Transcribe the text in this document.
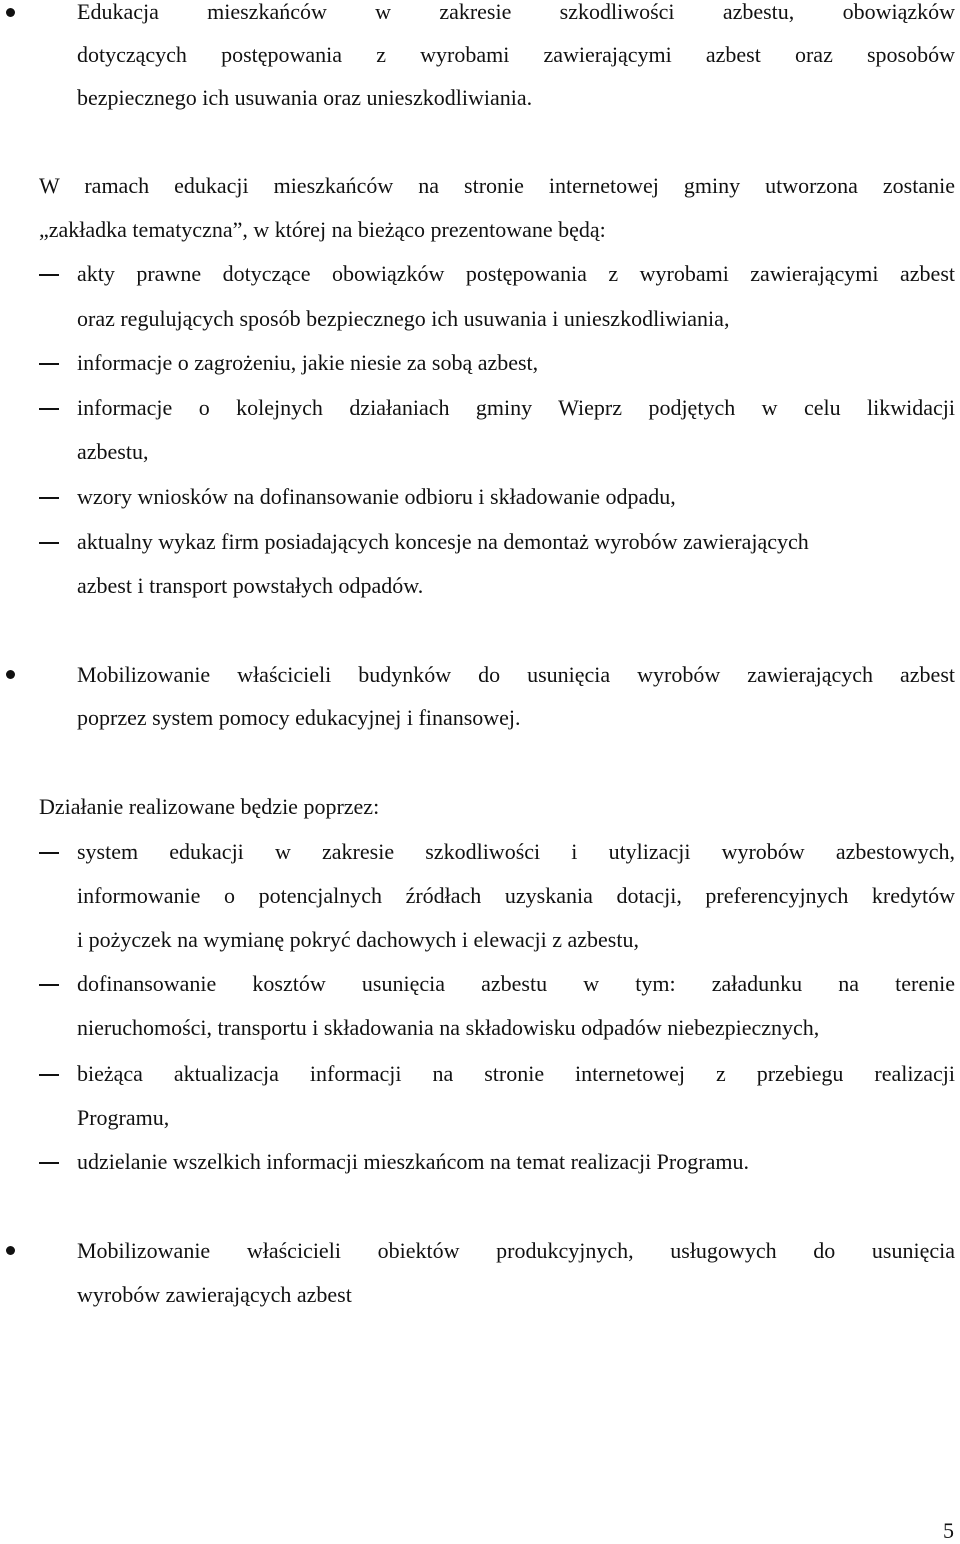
Edukacja mieszkańców w zakresie szkodliwości azbestu, obowiązków
dotyczących postępowania z wyrobami zawierającymi azbest oraz sposobów
bezpiecznego ich usuwania oraz unieszkodliwiania.
W ramach edukacji mieszkańców na stronie internetowej gminy utworzona zostanie
„zakładka tematyczna”, w której na bieżąco prezentowane będą:
akty prawne dotyczące obowiązków postępowania z wyrobami zawierającymi azbest
oraz regulujących sposób bezpiecznego ich usuwania i unieszkodliwiania,
informacje o zagrożeniu, jakie niesie za sobą azbest,
informacje o kolejnych działaniach gminy Wieprz podjętych w celu likwidacji
azbestu,
wzory wniosków na dofinansowanie odbioru i składowanie odpadu,
aktualny wykaz firm posiadających koncesje na demontaż wyrobów zawierających
azbest i transport powstałych odpadów.
Mobilizowanie właścicieli budynków do usunięcia wyrobów zawierających azbest
poprzez system pomocy edukacyjnej i finansowej.
Działanie realizowane będzie poprzez:
system edukacji w zakresie szkodliwości i utylizacji wyrobów azbestowych,
informowanie o potencjalnych źródłach uzyskania dotacji, preferencyjnych kredytów
i pożyczek na wymianę pokryć dachowych i elewacji z azbestu,
dofinansowanie kosztów usunięcia azbestu w tym: załadunku na terenie
nieruchomości, transportu i składowania na składowisku odpadów niebezpiecznych,
bieżąca aktualizacja informacji na stronie internetowej z przebiegu realizacji
Programu,
udzielanie wszelkich informacji mieszkańcom na temat realizacji Programu.
Mobilizowanie właścicieli obiektów produkcyjnych, usługowych do usunięcia
wyrobów zawierających azbest
5
